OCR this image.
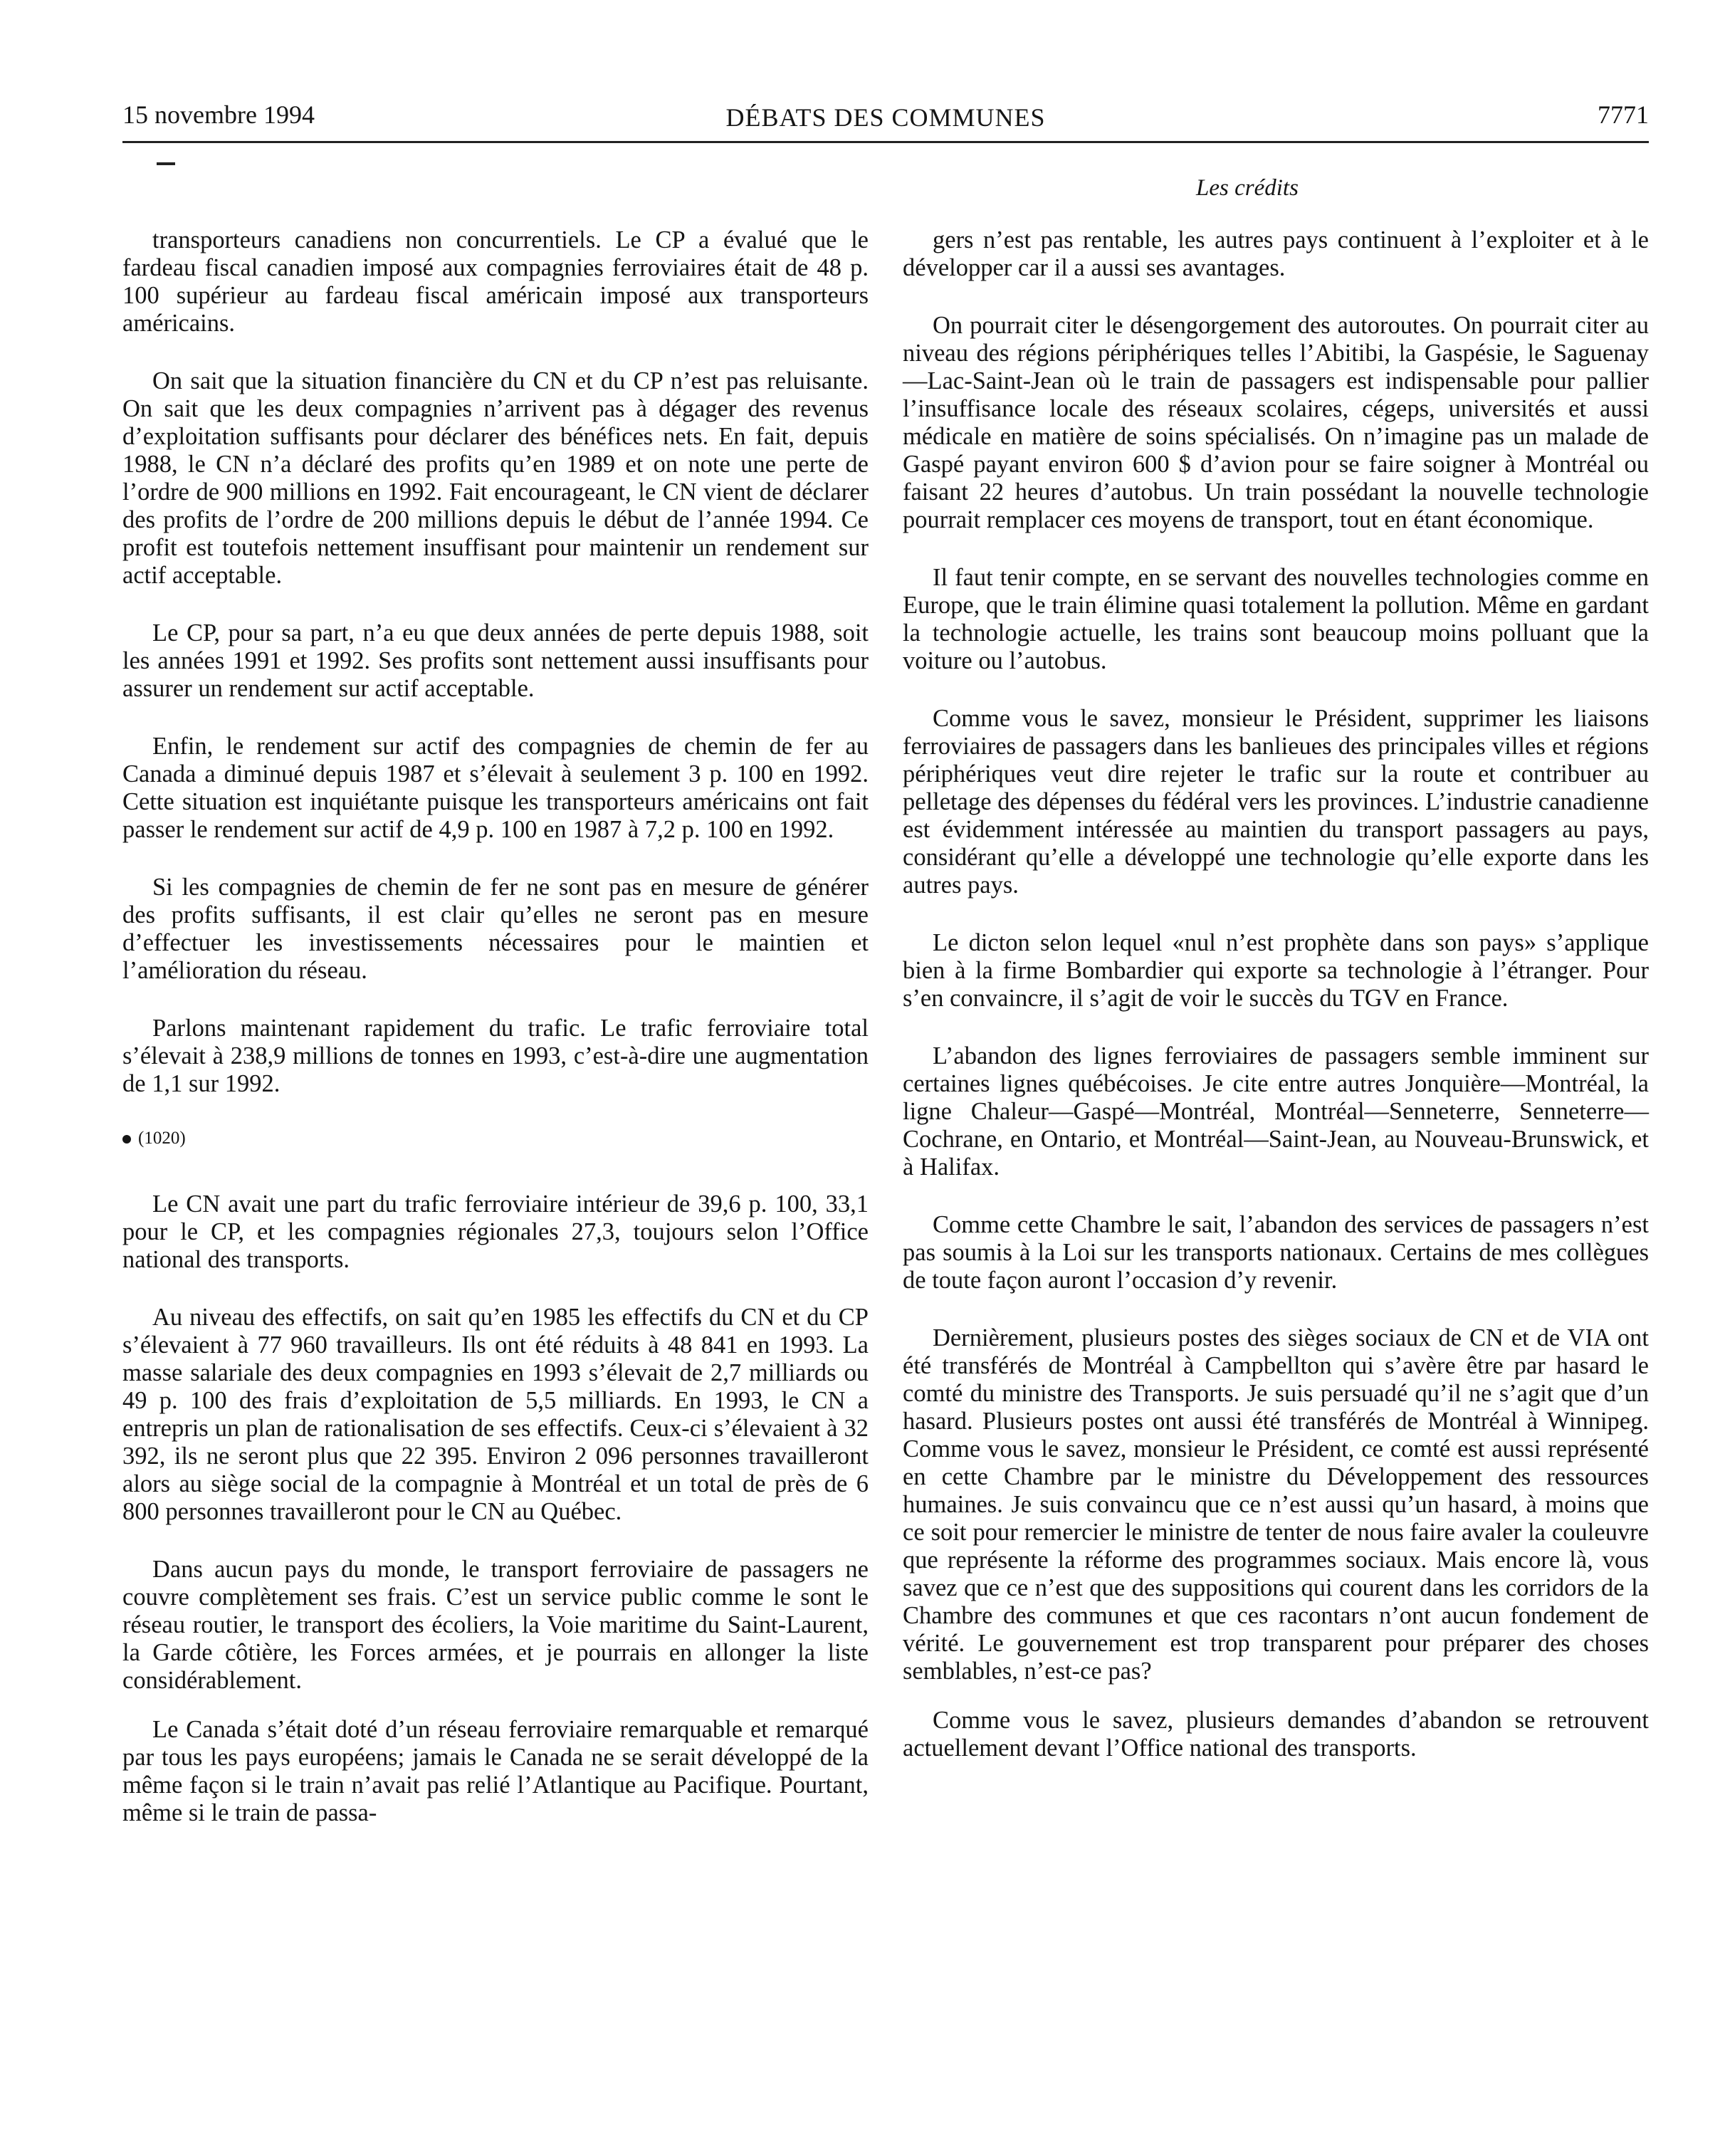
15 novembre 1994	DÉBATS DES COMMUNES	7771
Les crédits

transporteurs canadiens non concurrentiels. Le CP a évalué que le fardeau fiscal canadien imposé aux compagnies ferroviaires était de 48 p. 100 supérieur au fardeau fiscal américain imposé aux transporteurs américains.

On sait que la situation financière du CN et du CP n’est pas reluisante. On sait que les deux compagnies n’arrivent pas à dégager des revenus d’exploitation suffisants pour déclarer des bénéfices nets. En fait, depuis 1988, le CN n’a déclaré des profits qu’en 1989 et on note une perte de l’ordre de 900 millions en 1992. Fait encourageant, le CN vient de déclarer des profits de l’ordre de 200 millions depuis le début de l’année 1994. Ce profit est toutefois nettement insuffisant pour maintenir un rendement sur actif acceptable.

Le CP, pour sa part, n’a eu que deux années de perte depuis 1988, soit les années 1991 et 1992. Ses profits sont nettement aussi insuffisants pour assurer un rendement sur actif acceptable.

Enfin, le rendement sur actif des compagnies de chemin de fer au Canada a diminué depuis 1987 et s’élevait à seulement 3 p. 100 en 1992. Cette situation est inquiétante puisque les transporteurs américains ont fait passer le rendement sur actif de 4,9 p. 100 en 1987 à 7,2 p. 100 en 1992.

Si les compagnies de chemin de fer ne sont pas en mesure de générer des profits suffisants, il est clair qu’elles ne seront pas en mesure d’effectuer les investissements nécessaires pour le maintien et l’amélioration du réseau.

Parlons maintenant rapidement du trafic. Le trafic ferroviaire total s’élevait à 238,9 millions de tonnes en 1993, c’est-à-dire une augmentation de 1,1 sur 1992.

(1020)

Le CN avait une part du trafic ferroviaire intérieur de 39,6 p. 100, 33,1 pour le CP, et les compagnies régionales 27,3, toujours selon l’Office national des transports.

Au niveau des effectifs, on sait qu’en 1985 les effectifs du CN et du CP s’élevaient à 77 960 travailleurs. Ils ont été réduits à 48 841 en 1993. La masse salariale des deux compagnies en 1993 s’élevait de 2,7 milliards ou 49 p. 100 des frais d’exploitation de 5,5 milliards. En 1993, le CN a entrepris un plan de rationalisation de ses effectifs. Ceux-ci s’élevaient à 32 392, ils ne seront plus que 22 395. Environ 2 096 personnes travailleront alors au siège social de la compagnie à Montréal et un total de près de 6 800 personnes travailleront pour le CN au Québec.

Dans aucun pays du monde, le transport ferroviaire de passagers ne couvre complètement ses frais. C’est un service public comme le sont le réseau routier, le transport des écoliers, la Voie maritime du Saint-Laurent, la Garde côtière, les Forces armées, et je pourrais en allonger la liste considérablement.

Le Canada s’était doté d’un réseau ferroviaire remarquable et remarqué par tous les pays européens; jamais le Canada ne se serait développé de la même façon si le train n’avait pas relié l’Atlantique au Pacifique. Pourtant, même si le train de passa-

gers n’est pas rentable, les autres pays continuent à l’exploiter et à le développer car il a aussi ses avantages.

On pourrait citer le désengorgement des autoroutes. On pourrait citer au niveau des régions périphériques telles l’Abitibi, la Gaspésie, le Saguenay—Lac-Saint-Jean où le train de passagers est indispensable pour pallier l’insuffisance locale des réseaux scolaires, cégeps, universités et aussi médicale en matière de soins spécialisés. On n’imagine pas un malade de Gaspé payant environ 600 $ d’avion pour se faire soigner à Montréal ou faisant 22 heures d’autobus. Un train possédant la nouvelle technologie pourrait remplacer ces moyens de transport, tout en étant économique.

Il faut tenir compte, en se servant des nouvelles technologies comme en Europe, que le train élimine quasi totalement la pollution. Même en gardant la technologie actuelle, les trains sont beaucoup moins polluant que la voiture ou l’autobus.

Comme vous le savez, monsieur le Président, supprimer les liaisons ferroviaires de passagers dans les banlieues des principales villes et régions périphériques veut dire rejeter le trafic sur la route et contribuer au pelletage des dépenses du fédéral vers les provinces. L’industrie canadienne est évidemment intéressée au maintien du transport passagers au pays, considérant qu’elle a développé une technologie qu’elle exporte dans les autres pays.

Le dicton selon lequel «nul n’est prophète dans son pays» s’applique bien à la firme Bombardier qui exporte sa technologie à l’étranger. Pour s’en convaincre, il s’agit de voir le succès du TGV en France.

L’abandon des lignes ferroviaires de passagers semble imminent sur certaines lignes québécoises. Je cite entre autres Jonquière—Montréal, la ligne Chaleur—Gaspé—Montréal, Montréal—Senneterre, Senneterre—Cochrane, en Ontario, et Montréal—Saint-Jean, au Nouveau-Brunswick, et à Halifax.

Comme cette Chambre le sait, l’abandon des services de passagers n’est pas soumis à la Loi sur les transports nationaux. Certains de mes collègues de toute façon auront l’occasion d’y revenir.

Dernièrement, plusieurs postes des sièges sociaux de CN et de VIA ont été transférés de Montréal à Campbellton qui s’avère être par hasard le comté du ministre des Transports. Je suis persuadé qu’il ne s’agit que d’un hasard. Plusieurs postes ont aussi été transférés de Montréal à Winnipeg. Comme vous le savez, monsieur le Président, ce comté est aussi représenté en cette Chambre par le ministre du Développement des ressources humaines. Je suis convaincu que ce n’est aussi qu’un hasard, à moins que ce soit pour remercier le ministre de tenter de nous faire avaler la couleuvre que représente la réforme des programmes sociaux. Mais encore là, vous savez que ce n’est que des suppositions qui courent dans les corridors de la Chambre des communes et que ces racontars n’ont aucun fondement de vérité. Le gouvernement est trop transparent pour préparer des choses semblables, n’est-ce pas?

Comme vous le savez, plusieurs demandes d’abandon se retrouvent actuellement devant l’Office national des transports.
